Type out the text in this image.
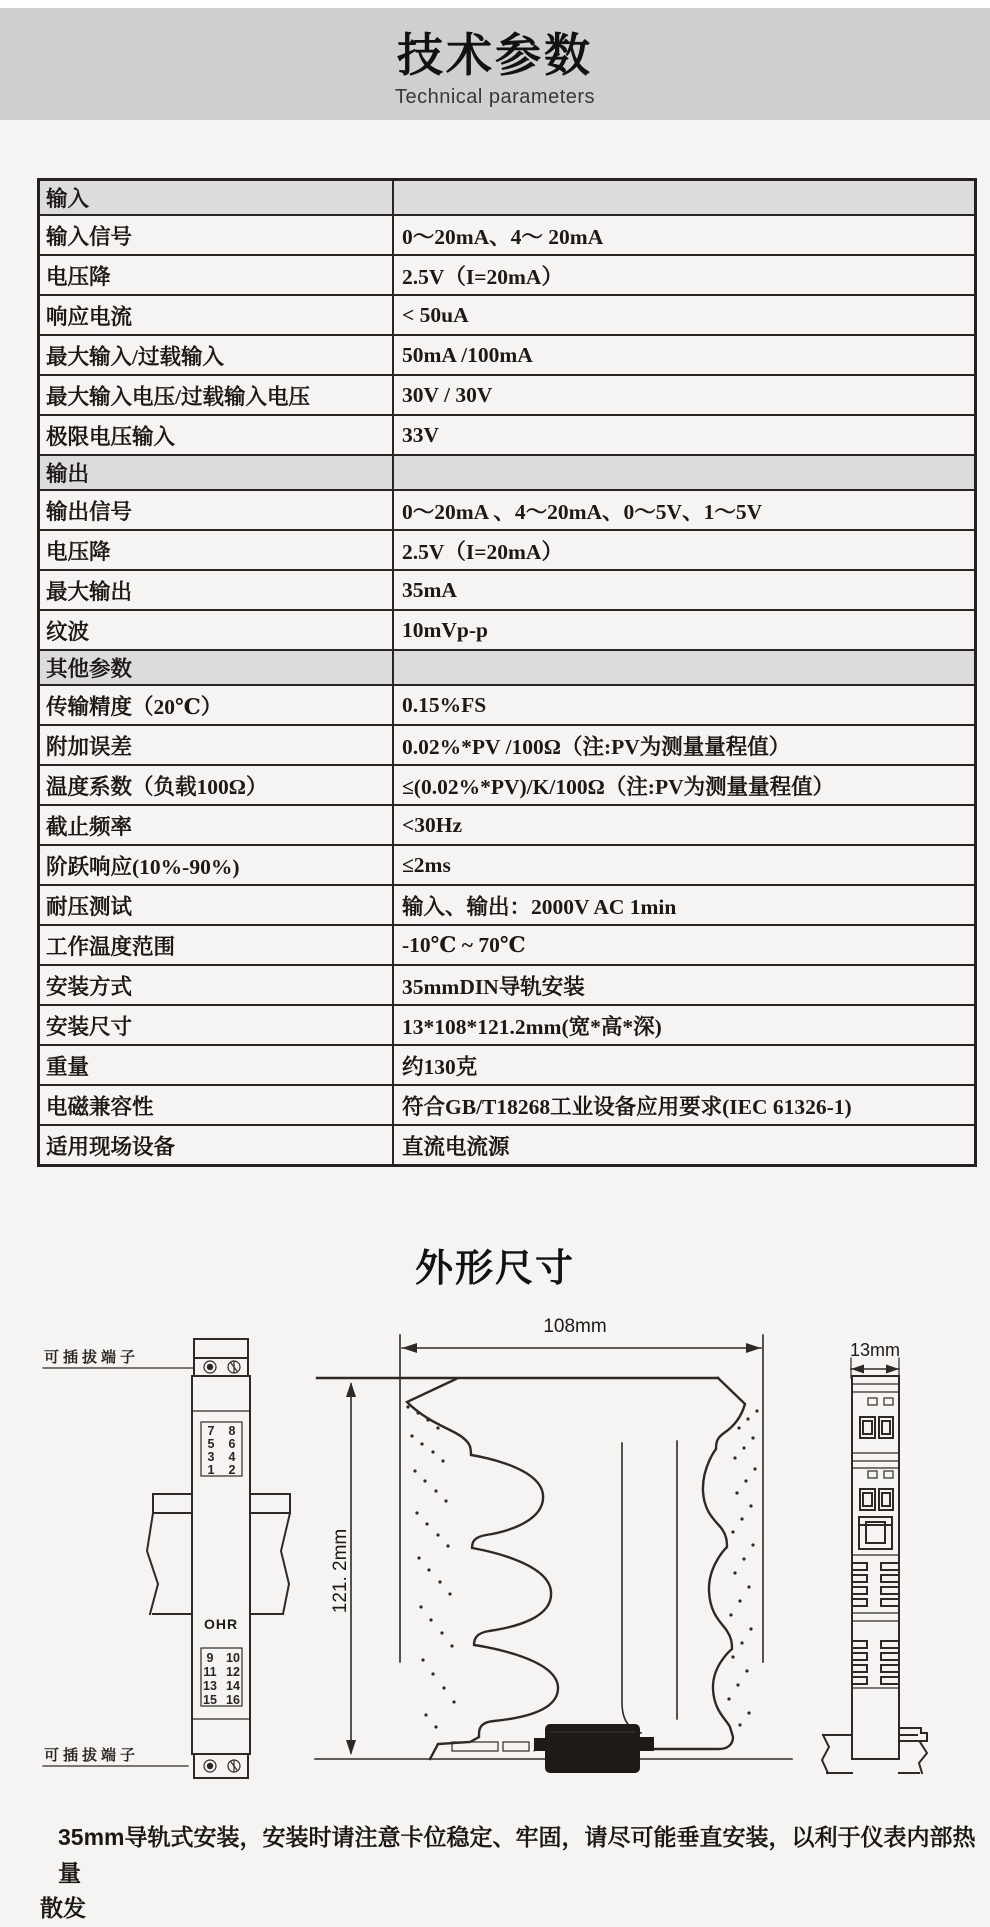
技术参数

Technical parameters

输入
输入信号	0～20mA、4～ 20mA
电压降	2.5V（I=20mA）
响应电流	< 50uA
最大输入/过载输入	50mA /100mA
最大输入电压/过载输入电压	30V / 30V
极限电压输入	33V
输出
输出信号	0～20mA 、4～20mA、0～5V、1～5V
电压降	2.5V（I=20mA）
最大输出	35mA
纹波	10mVp-p
其他参数
传输精度（20℃）	0.15%FS
附加误差	0.02%*PV /100Ω（注:PV为测量量程值）
温度系数（负载100Ω）	≤(0.02%*PV)/K/100Ω（注:PV为测量量程值）
截止频率	<30Hz
阶跃响应(10%-90%)	≤2ms
耐压测试	输入、输出：2000V AC 1min
工作温度范围	-10℃ ~ 70℃
安装方式	35mmDIN导轨安装
安装尺寸	13*108*121.2mm(宽*高*深)
重量	约130克
电磁兼容性	符合GB/T18268工业设备应用要求(IEC 61326-1)
适用现场设备	直流电流源
外形尺寸
可插拔端子
可插拔端子
7 8
5 6
3 4
1 2
OHR
9 10
11 12
13 14
15 16
108mm
121. 2mm
13mm

35mm导轨式安装，安装时请注意卡位稳定、牢固，请尽可能垂直安装，以利于仪表内部热量

散发
